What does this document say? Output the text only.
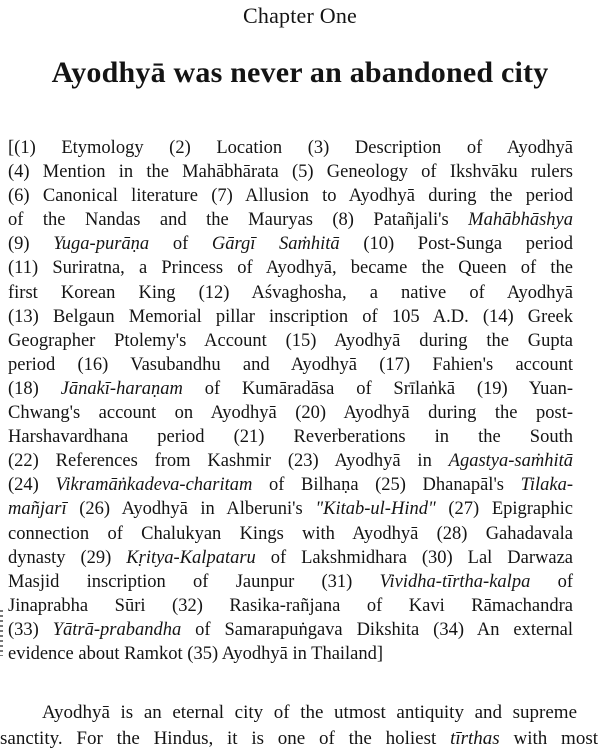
Chapter One
Ayodhyā was never an abandoned city
[(1) Etymology (2) Location (3) Description of Ayodhyā
(4) Mention in the Mahābhārata (5) Geneology of Ikshvāku rulers
(6) Canonical literature (7) Allusion to Ayodhyā during the period
of the Nandas and the Mauryas (8) Patañjali's Mahābhāshya
(9) Yuga-purāṇa of Gārgī Saṁhitā (10) Post-Sunga period
(11) Suriratna, a Princess of Ayodhyā, became the Queen of the
first Korean King (12) Aśvaghosha, a native of Ayodhyā
(13) Belgaun Memorial pillar inscription of 105 A.D. (14) Greek
Geographer Ptolemy's Account (15) Ayodhyā during the Gupta
period (16) Vasubandhu and Ayodhyā (17) Fahien's account
(18) Jānakī-haraṇam of Kumāradāsa of Srīlaṅkā (19) Yuan-
Chwang's account on Ayodhyā (20) Ayodhyā during the post-
Harshavardhana period (21) Reverberations in the South
(22) References from Kashmir (23) Ayodhyā in Agastya-saṁhitā
(24) Vikramāṅkadeva-charitam of Bilhaṇa (25) Dhanapāl's Tilaka-
mañjarī (26) Ayodhyā in Alberuni's "Kitab-ul-Hind" (27) Epigraphic
connection of Chalukyan Kings with Ayodhyā (28) Gahadavala
dynasty (29) Kṛitya-Kalpataru of Lakshmidhara (30) Lal Darwaza
Masjid inscription of Jaunpur (31) Vividha-tīrtha-kalpa of
Jinaprabha Sūri (32) Rasika-rañjana of Kavi Rāmachandra
(33) Yātrā-prabandha of Samarapuṅgava Dikshita (34) An external
evidence about Ramkot (35) Ayodhyā in Thailand]
Ayodhyā is an eternal city of the utmost antiquity and supreme
sanctity. For the Hindus, it is one of the holiest tīrthas with most
